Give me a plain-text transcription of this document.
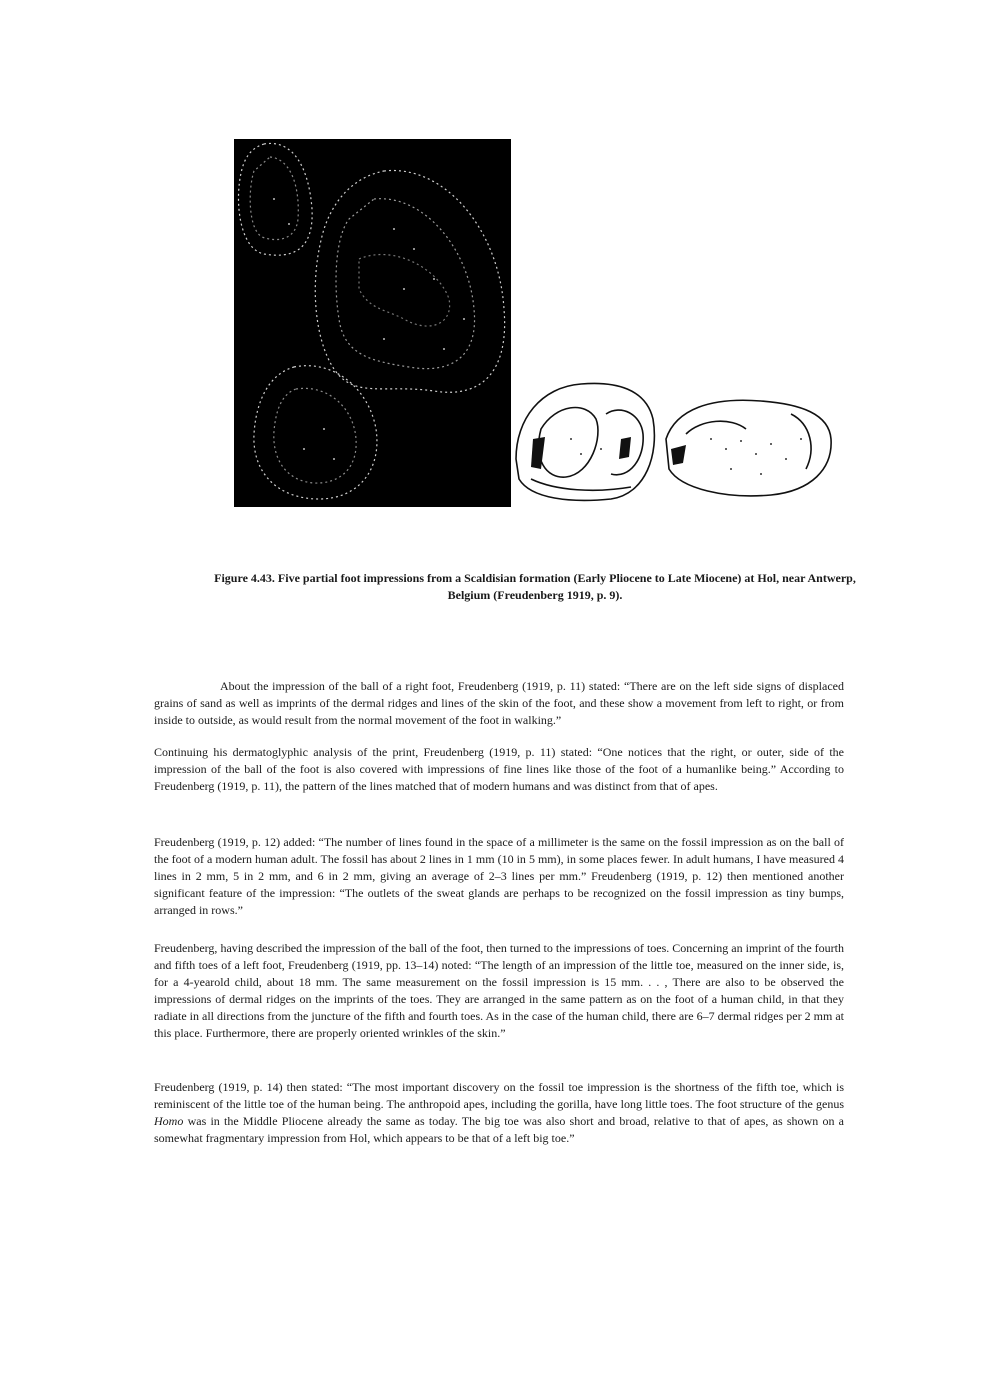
Figure 4.43. Five partial foot impressions from a Scaldisian formation (Early Pliocene to Late Miocene) at Hol, near Antwerp, Belgium (Freudenberg 1919, p. 9).

About the impression of the ball of a right foot, Freudenberg (1919, p. 11) stated: “There are on the left side signs of displaced grains of sand as well as imprints of the dermal ridges and lines of the skin of the foot, and these show a movement from left to right, or from inside to outside, as would result from the normal movement of the foot in walking.”

Continuing his dermatoglyphic analysis of the print, Freudenberg (1919, p. 11) stated: “One notices that the right, or outer, side of the impression of the ball of the foot is also covered with impressions of fine lines like those of the foot of a humanlike being.” According to Freudenberg (1919, p. 11), the pattern of the lines matched that of modern humans and was distinct from that of apes.

Freudenberg (1919, p. 12) added: “The number of lines found in the space of a millimeter is the same on the fossil impression as on the ball of the foot of a modern human adult. The fossil has about 2 lines in 1 mm (10 in 5 mm), in some places fewer. In adult humans, I have measured 4 lines in 2 mm, 5 in 2 mm, and 6 in 2 mm, giving an average of 2–3 lines per mm.” Freudenberg (1919, p. 12) then mentioned another significant feature of the impression: “The outlets of the sweat glands are perhaps to be recognized on the fossil impression as tiny bumps, arranged in rows.”

Freudenberg, having described the impression of the ball of the foot, then turned to the impressions of toes. Concerning an imprint of the fourth and fifth toes of a left foot, Freudenberg (1919, pp. 13–14) noted: “The length of an impression of the little toe, measured on the inner side, is, for a 4-yearold child, about 18 mm. The same measurement on the fossil impression is 15 mm. . . , There are also to be observed the impressions of dermal ridges on the imprints of the toes. They are arranged in the same pattern as on the foot of a human child, in that they radiate in all directions from the juncture of the fifth and fourth toes. As in the case of the human child, there are 6–7 dermal ridges per 2 mm at this place. Furthermore, there are properly oriented wrinkles of the skin.”

Freudenberg (1919, p. 14) then stated: “The most important discovery on the fossil toe impression is the shortness of the fifth toe, which is reminiscent of the little toe of the human being. The anthropoid apes, including the gorilla, have long little toes. The foot structure of the genus Homo was in the Middle Pliocene already the same as today. The big toe was also short and broad, relative to that of apes, as shown on a somewhat fragmentary impression from Hol, which appears to be that of a left big toe.”
